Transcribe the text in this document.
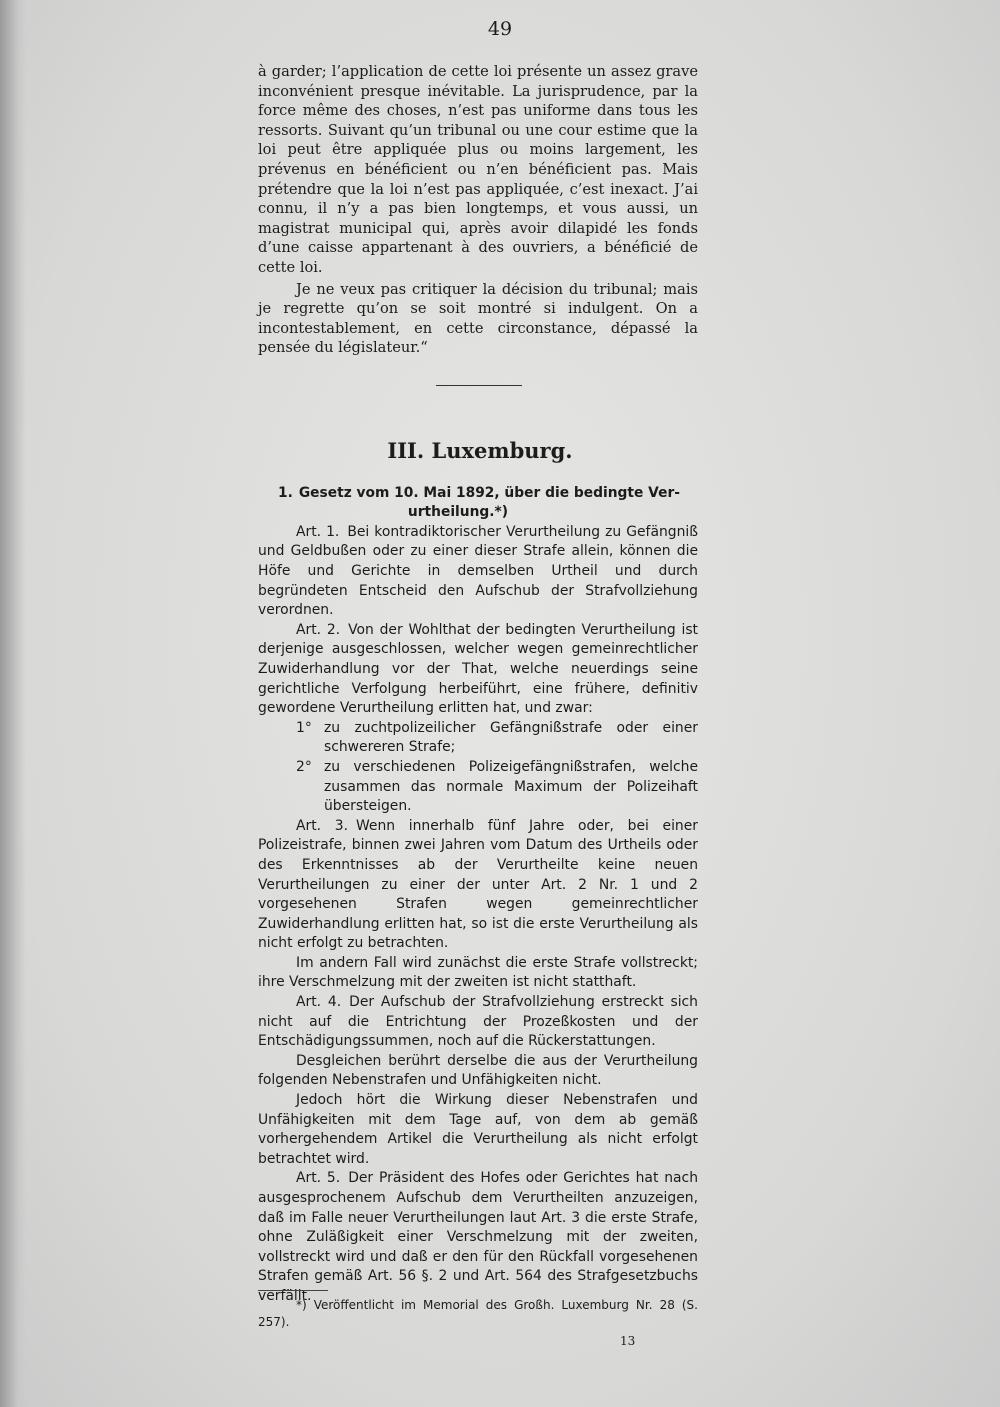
49

à garder; l’application de cette loi présente un assez grave inconvénient presque inévitable. La jurisprudence, par la force même des choses, n’est pas uniforme dans tous les ressorts. Suivant qu’un tribunal ou une cour estime que la loi peut être appliquée plus ou moins largement, les prévenus en bénéficient ou n’en bénéficient pas. Mais prétendre que la loi n’est pas appliquée, c’est inexact. J’ai connu, il n’y a pas bien longtemps, et vous aussi, un magistrat municipal qui, après avoir dilapidé les fonds d’une caisse appartenant à des ouvriers, a bénéficié de cette loi.

Je ne veux pas critiquer la décision du tribunal; mais je regrette qu’on se soit montré si indulgent. On a incontestablement, en cette circonstance, dépassé la pensée du législateur.“

III. Luxemburg.

1. Gesetz vom 10. Mai 1892, über die bedingte Ver-
urtheilung.*)

Art. 1. Bei kontradiktorischer Verurtheilung zu Gefängniß und Geldbußen oder zu einer dieser Strafe allein, können die Höfe und Gerichte in demselben Urtheil und durch begründeten Entscheid den Aufschub der Strafvollziehung verordnen.

Art. 2. Von der Wohlthat der bedingten Verurtheilung ist derjenige ausgeschlossen, welcher wegen gemeinrechtlicher Zuwiderhandlung vor der That, welche neuerdings seine gerichtliche Verfolgung herbeiführt, eine frühere, definitiv gewordene Verurtheilung erlitten hat, und zwar:

1° zu zuchtpolizeilicher Gefängnißstrafe oder einer schwereren Strafe;

2° zu verschiedenen Polizeigefängnißstrafen, welche zusammen das normale Maximum der Polizeihaft übersteigen.

Art. 3. Wenn innerhalb fünf Jahre oder, bei einer Polizeistrafe, binnen zwei Jahren vom Datum des Urtheils oder des Erkenntnisses ab der Verurtheilte keine neuen Verurtheilungen zu einer der unter Art. 2 Nr. 1 und 2 vorgesehenen Strafen wegen gemeinrechtlicher Zuwiderhandlung erlitten hat, so ist die erste Verurtheilung als nicht erfolgt zu betrachten.

Im andern Fall wird zunächst die erste Strafe vollstreckt; ihre Verschmelzung mit der zweiten ist nicht statthaft.

Art. 4. Der Aufschub der Strafvollziehung erstreckt sich nicht auf die Entrichtung der Prozeßkosten und der Entschädigungssummen, noch auf die Rückerstattungen.

Desgleichen berührt derselbe die aus der Verurtheilung folgenden Nebenstrafen und Unfähigkeiten nicht.

Jedoch hört die Wirkung dieser Nebenstrafen und Unfähigkeiten mit dem Tage auf, von dem ab gemäß vorhergehendem Artikel die Verurtheilung als nicht erfolgt betrachtet wird.

Art. 5. Der Präsident des Hofes oder Gerichtes hat nach ausgesprochenem Aufschub dem Verurtheilten anzuzeigen, daß im Falle neuer Verurtheilungen laut Art. 3 die erste Strafe, ohne Zuläßigkeit einer Verschmelzung mit der zweiten, vollstreckt wird und daß er den für den Rückfall vorgesehenen Strafen gemäß Art. 56 §. 2 und Art. 564 des Strafgesetzbuchs verfällt.

*) Veröffentlicht im Memorial des Großh. Luxemburg Nr. 28 (S. 257).

13
